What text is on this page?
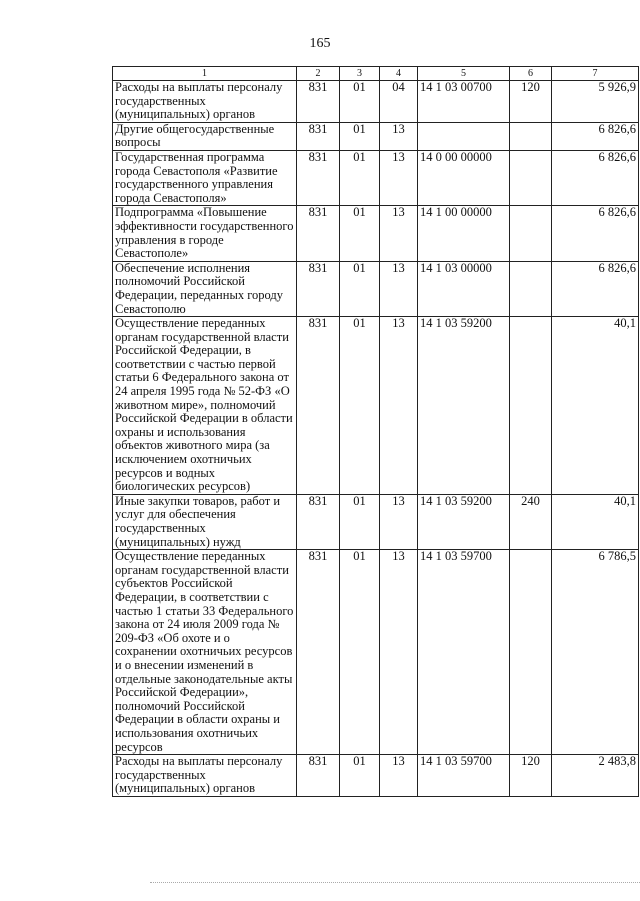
165
1	2	3	4	5	6	7
Расходы на выплаты персоналу государственных (муниципальных) органов	831	01	04	14 1 03 00700	120	5 926,9
Другие общегосударственные вопросы	831	01	13			6 826,6
Государственная программа города Севастополя «Развитие государственного управления города Севастополя»	831	01	13	14 0 00 00000		6 826,6
Подпрограмма «Повышение эффективности государственного управления в городе Севастополе»	831	01	13	14 1 00 00000		6 826,6
Обеспечение исполнения полномочий Российской Федерации, переданных городу Севастополю	831	01	13	14 1 03 00000		6 826,6
Осуществление переданных органам государственной власти Российской Федерации, в соответствии с частью первой статьи 6 Федерального закона от 24 апреля 1995 года № 52-ФЗ «О животном мире», полномочий Российской Федерации в области охраны и использования объектов животного мира (за исключением охотничьих ресурсов и водных биологических ресурсов)	831	01	13	14 1 03 59200		40,1
Иные закупки товаров, работ и услуг для обеспечения государственных (муниципальных) нужд	831	01	13	14 1 03 59200	240	40,1
Осуществление переданных органам государственной власти субъектов Российской Федерации, в соответствии с частью 1 статьи 33 Федерального закона от 24 июля 2009 года № 209-ФЗ «Об охоте и о сохранении охотничьих ресурсов и о внесении изменений в отдельные законодательные акты Российской Федерации», полномочий Российской Федерации в области охраны и использования охотничьих ресурсов	831	01	13	14 1 03 59700		6 786,5
Расходы на выплаты персоналу государственных (муниципальных) органов	831	01	13	14 1 03 59700	120	2 483,8
